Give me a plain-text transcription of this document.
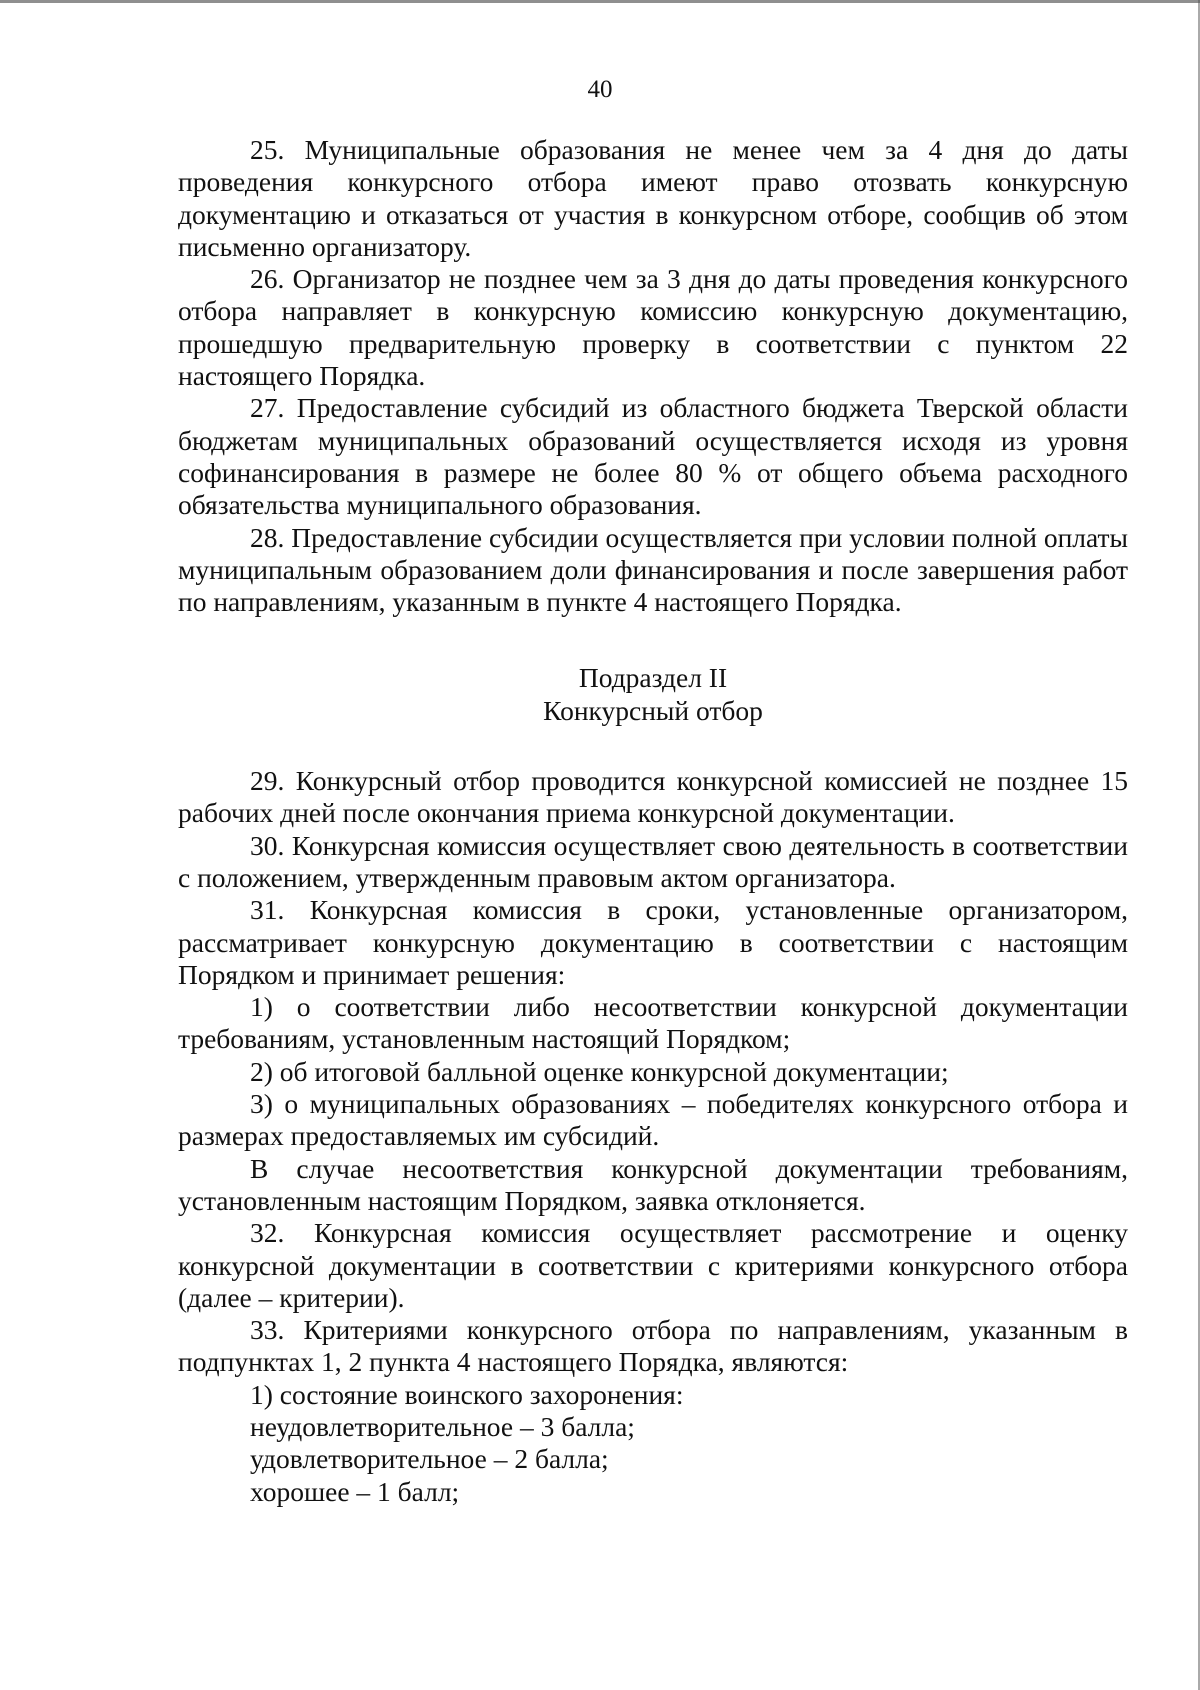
40

25. Муниципальные образования не менее чем за 4 дня до даты проведения конкурсного отбора имеют право отозвать конкурсную документацию и отказаться от участия в конкурсном отборе, сообщив об этом письменно организатору.

26. Организатор не позднее чем за 3 дня до даты проведения конкурсного отбора направляет в конкурсную комиссию конкурсную документацию, прошедшую предварительную проверку в соответствии с пунктом 22 настоящего Порядка.

27. Предоставление субсидий из областного бюджета Тверской области бюджетам муниципальных образований осуществляется исходя из уровня софинансирования в размере не более 80 % от общего объема расходного обязательства муниципального образования.

28. Предоставление субсидии осуществляется при условии полной оплаты муниципальным образованием доли финансирования и после завершения работ по направлениям, указанным в пункте 4 настоящего Порядка.

Подраздел II

Конкурсный отбор

29. Конкурсный отбор проводится конкурсной комиссией не позднее 15 рабочих дней после окончания приема конкурсной документации.

30. Конкурсная комиссия осуществляет свою деятельность в соответствии с положением, утвержденным правовым актом организатора.

31. Конкурсная комиссия в сроки, установленные организатором, рассматривает конкурсную документацию в соответствии с настоящим Порядком и принимает решения:

1) о соответствии либо несоответствии конкурсной документации требованиям, установленным настоящий Порядком;

2) об итоговой балльной оценке конкурсной документации;

3) о муниципальных образованиях – победителях конкурсного отбора и размерах предоставляемых им субсидий.

В случае несоответствия конкурсной документации требованиям, установленным настоящим Порядком, заявка отклоняется.

32. Конкурсная комиссия осуществляет рассмотрение и оценку конкурсной документации в соответствии с критериями конкурсного отбора (далее – критерии).

33. Критериями конкурсного отбора по направлениям, указанным в подпунктах 1, 2 пункта 4 настоящего Порядка, являются:

1) состояние воинского захоронения:

неудовлетворительное – 3 балла;

удовлетворительное – 2 балла;

хорошее – 1 балл;
